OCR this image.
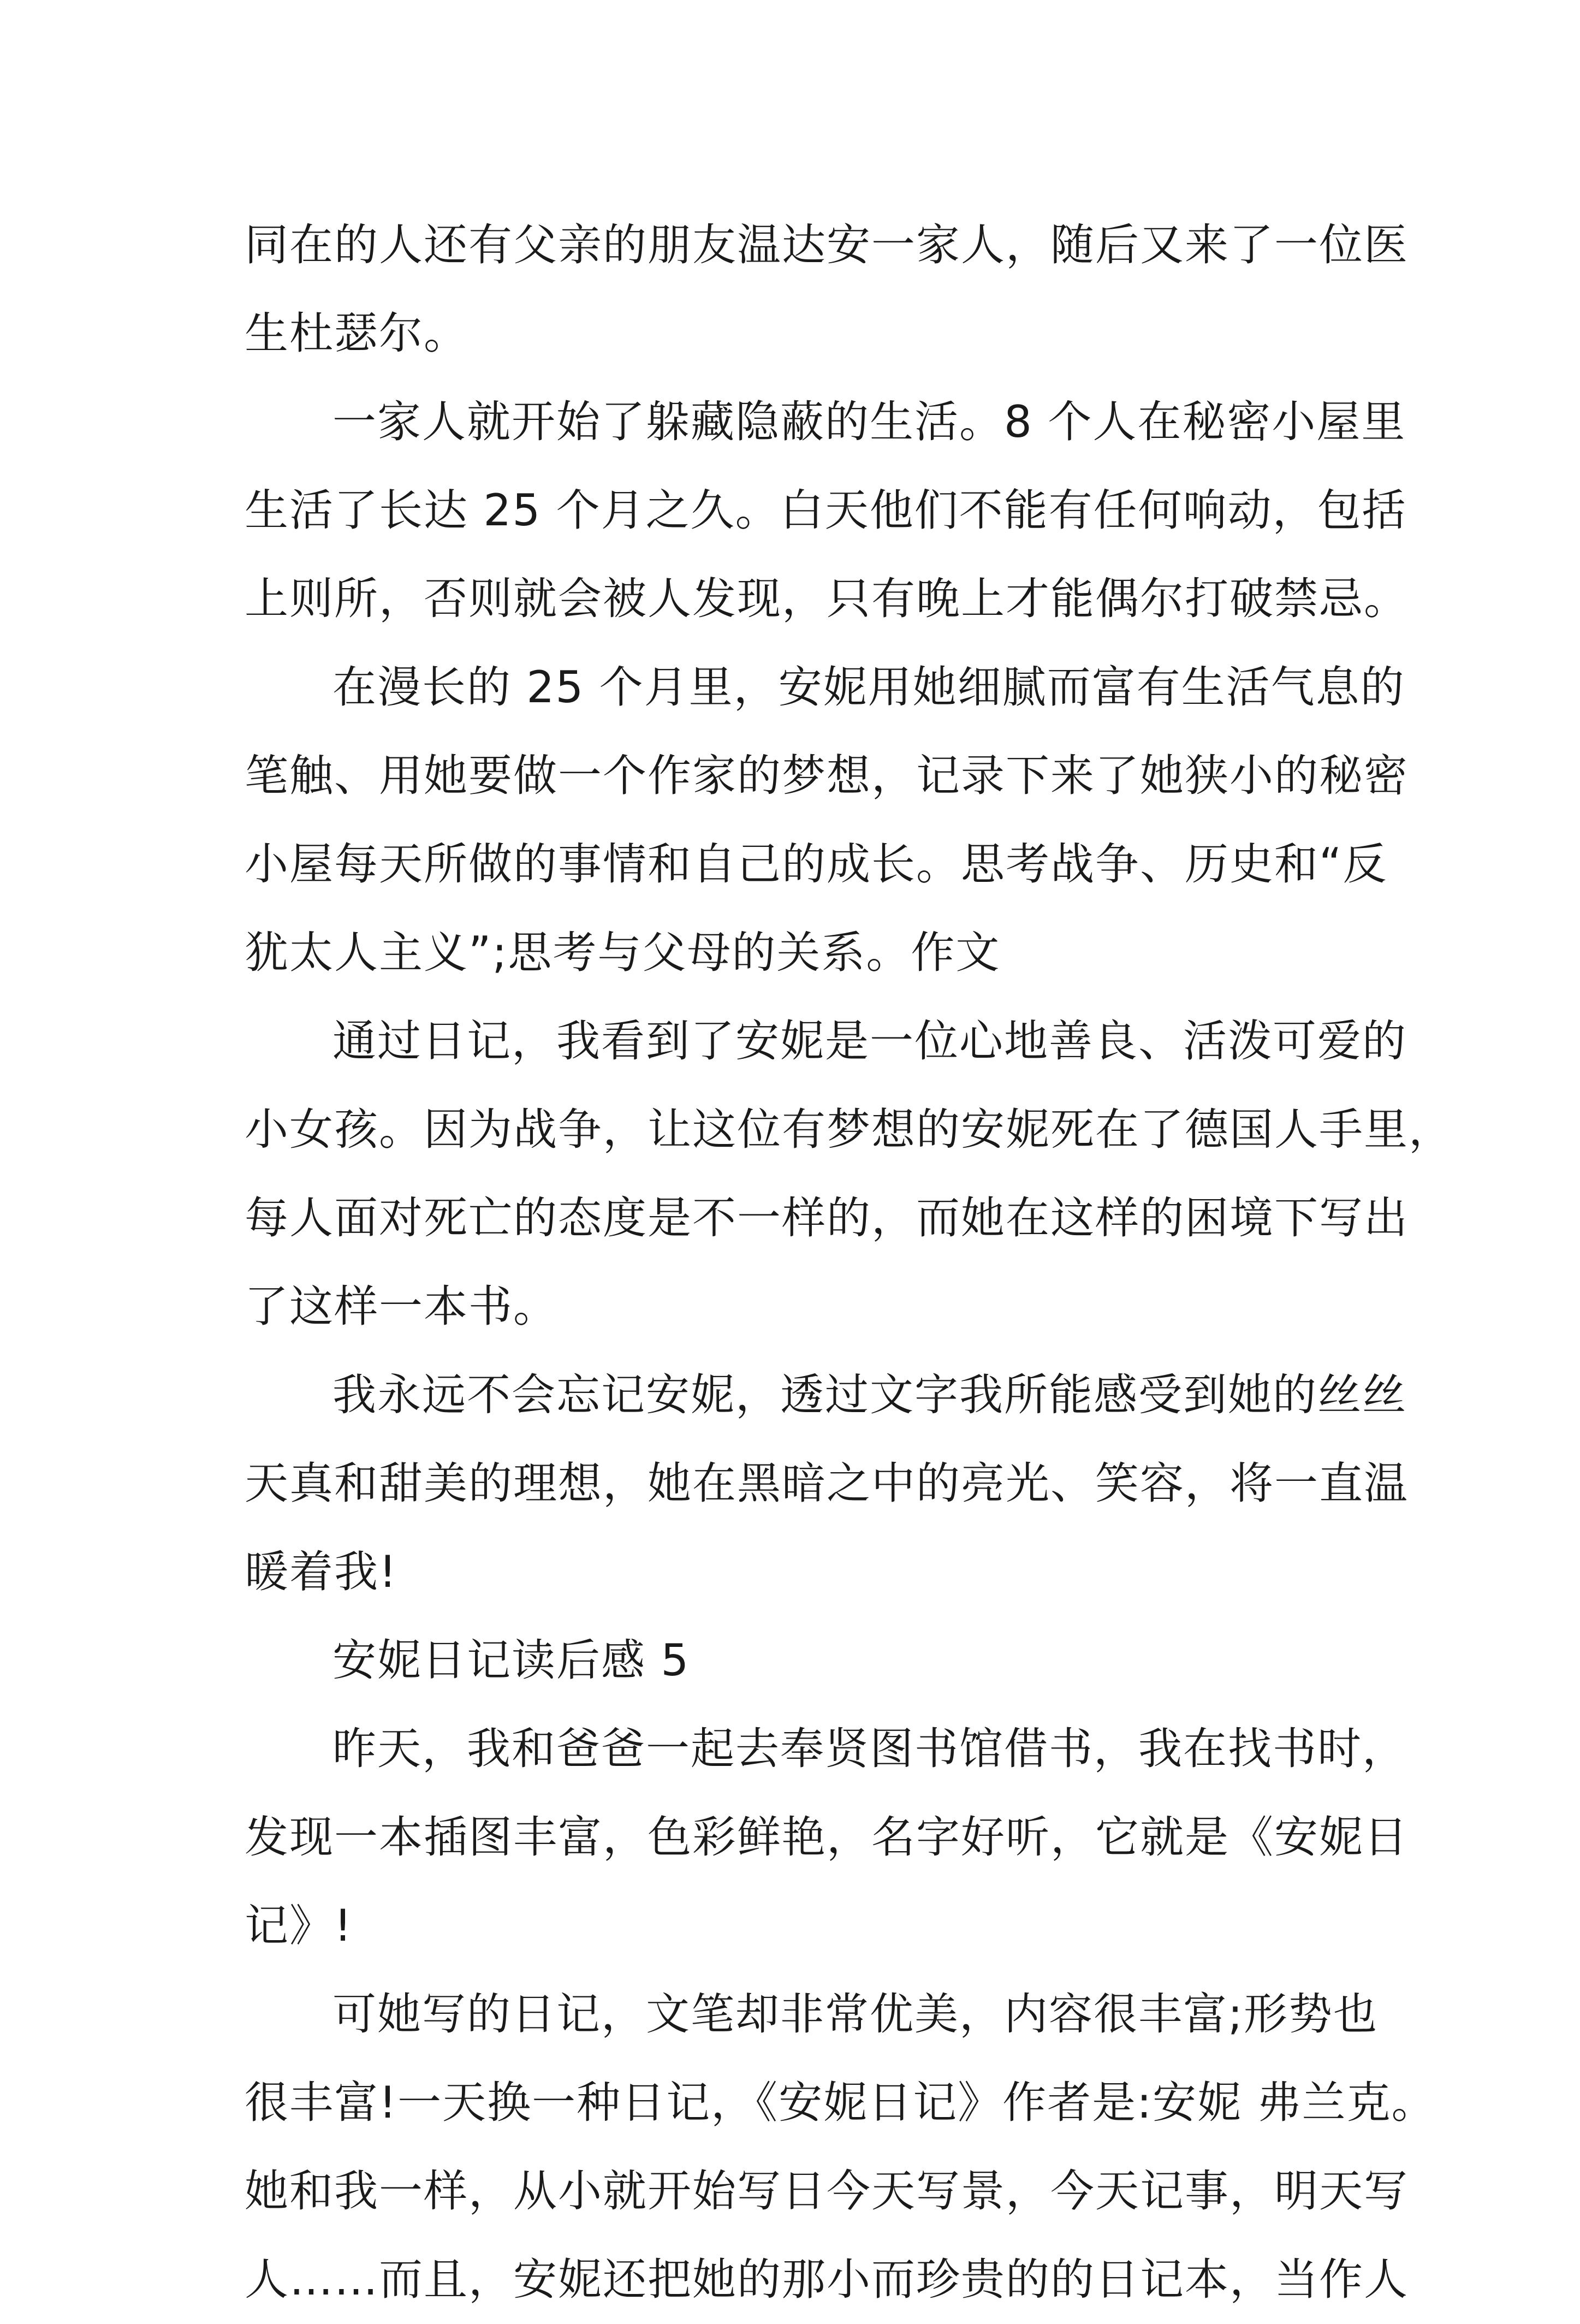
同在的人还有父亲的朋友温达安一家人，随后又来了一位医
生杜瑟尔。
一家人就开始了躲藏隐蔽的生活。8 个人在秘密小屋里
生活了长达 25 个月之久。白天他们不能有任何响动，包括
上则所，否则就会被人发现，只有晚上才能偶尔打破禁忌。
在漫长的 25 个月里，安妮用她细腻而富有生活气息的
笔触、用她要做一个作家的梦想，记录下来了她狭小的秘密
小屋每天所做的事情和自己的成长。思考战争、历史和“反
犹太人主义”;思考与父母的关系。作文
通过日记，我看到了安妮是一位心地善良、活泼可爱的
小女孩。因为战争，让这位有梦想的安妮死在了德国人手里，
每人面对死亡的态度是不一样的，而她在这样的困境下写出
了这样一本书。
我永远不会忘记安妮，透过文字我所能感受到她的丝丝
天真和甜美的理想，她在黑暗之中的亮光、笑容，将一直温
暖着我!
安妮日记读后感 5
昨天，我和爸爸一起去奉贤图书馆借书，我在找书时，
发现一本插图丰富，色彩鲜艳，名字好听，它就是《安妮日
记》!
可她写的日记，文笔却非常优美，内容很丰富;形势也
很丰富!一天换一种日记，《安妮日记》作者是:安妮 弗兰克。
她和我一样，从小就开始写日今天写景，今天记事，明天写
人……而且，安妮还把她的那小而珍贵的的日记本，当作人
